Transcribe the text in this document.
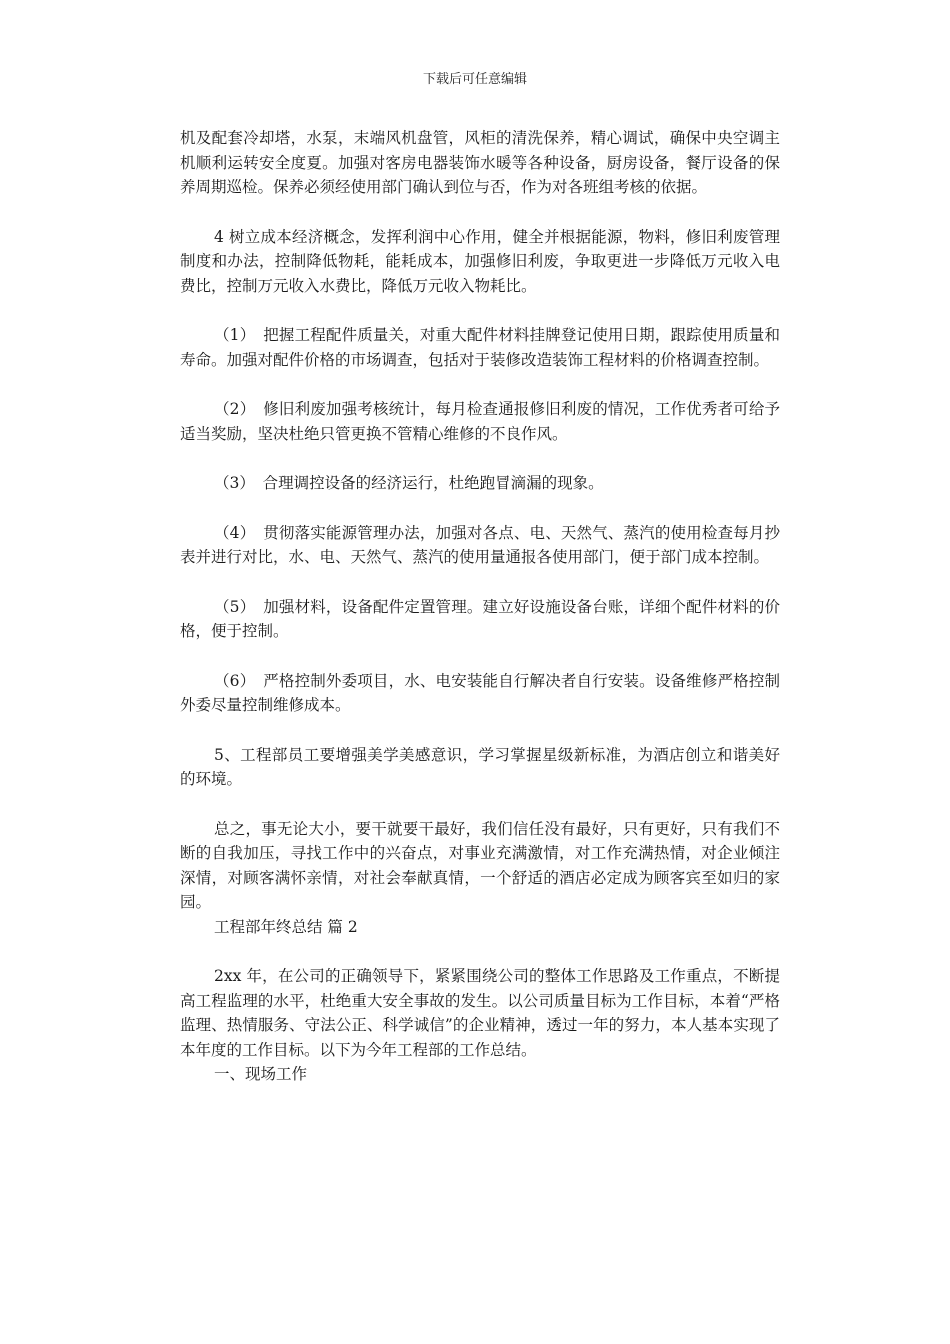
下载后可任意编辑

机及配套冷却塔，水泵，末端风机盘管，风柜的清洗保养，精心调试，确保中央空调主机顺利运转安全度夏。加强对客房电器装饰水暖等各种设备，厨房设备，餐厅设备的保养周期巡检。保养必须经使用部门确认到位与否，作为对各班组考核的依据。

4 树立成本经济概念，发挥利润中心作用，健全并根据能源，物料，修旧利废管理制度和办法，控制降低物耗，能耗成本，加强修旧利废，争取更进一步降低万元收入电费比，控制万元收入水费比，降低万元收入物耗比。

（1）　把握工程配件质量关，对重大配件材料挂牌登记使用日期，跟踪使用质量和寿命。加强对配件价格的市场调查，包括对于装修改造装饰工程材料的价格调查控制。

（2）　修旧利废加强考核统计，每月检查通报修旧利废的情况，工作优秀者可给予适当奖励，坚决杜绝只管更换不管精心维修的不良作风。

（3）　合理调控设备的经济运行，杜绝跑冒滴漏的现象。

（4）　贯彻落实能源管理办法，加强对各点、电、天然气、蒸汽的使用检查每月抄表并进行对比，水、电、天然气、蒸汽的使用量通报各使用部门，便于部门成本控制。

（5）　加强材料，设备配件定置管理。建立好设施设备台账，详细个配件材料的价格，便于控制。

（6）　严格控制外委项目，水、电安装能自行解决者自行安装。设备维修严格控制外委尽量控制维修成本。

5、工程部员工要增强美学美感意识，学习掌握星级新标准，为酒店创立和谐美好的环境。

总之，事无论大小，要干就要干最好，我们信任没有最好，只有更好，只有我们不断的自我加压，寻找工作中的兴奋点，对事业充满激情，对工作充满热情，对企业倾注深情，对顾客满怀亲情，对社会奉献真情，一个舒适的酒店必定成为顾客宾至如归的家园。

工程部年终总结 篇 2

2xx 年，在公司的正确领导下，紧紧围绕公司的整体工作思路及工作重点，不断提高工程监理的水平，杜绝重大安全事故的发生。以公司质量目标为工作目标，本着“严格监理、热情服务、守法公正、科学诚信”的企业精神，透过一年的努力，本人基本实现了本年度的工作目标。以下为今年工程部的工作总结。

一、现场工作
